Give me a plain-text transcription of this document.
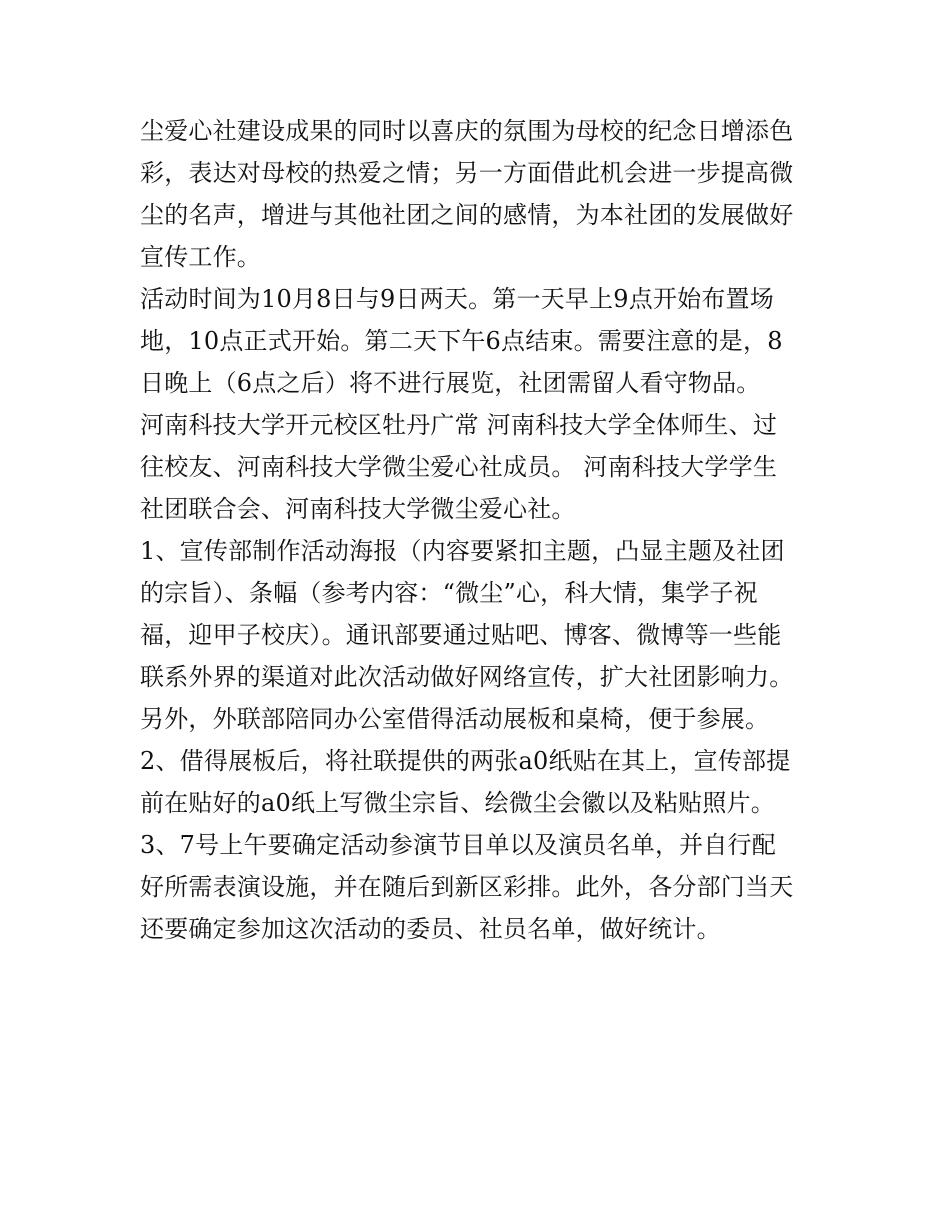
尘爱心社建设成果的同时以喜庆的氛围为母校的纪念日增添色
彩，表达对母校的热爱之情；另一方面借此机会进一步提高微
尘的名声，增进与其他社团之间的感情，为本社团的发展做好
宣传工作。
活动时间为10月8日与9日两天。第一天早上9点开始布置场
地，10点正式开始。第二天下午6点结束。需要注意的是，8
日晚上（6点之后）将不进行展览，社团需留人看守物品。
河南科技大学开元校区牡丹广常 河南科技大学全体师生、过
往校友、河南科技大学微尘爱心社成员。 河南科技大学学生
社团联合会、河南科技大学微尘爱心社。
1、宣传部制作活动海报（内容要紧扣主题，凸显主题及社团
的宗旨）、条幅（参考内容：“微尘”心，科大情，集学子祝
福，迎甲子校庆）。通讯部要通过贴吧、博客、微博等一些能
联系外界的渠道对此次活动做好网络宣传，扩大社团影响力。
另外，外联部陪同办公室借得活动展板和桌椅，便于参展。
2、借得展板后，将社联提供的两张a0纸贴在其上，宣传部提
前在贴好的a0纸上写微尘宗旨、绘微尘会徽以及粘贴照片。
3、7号上午要确定活动参演节目单以及演员名单，并自行配
好所需表演设施，并在随后到新区彩排。此外，各分部门当天
还要确定参加这次活动的委员、社员名单，做好统计。
